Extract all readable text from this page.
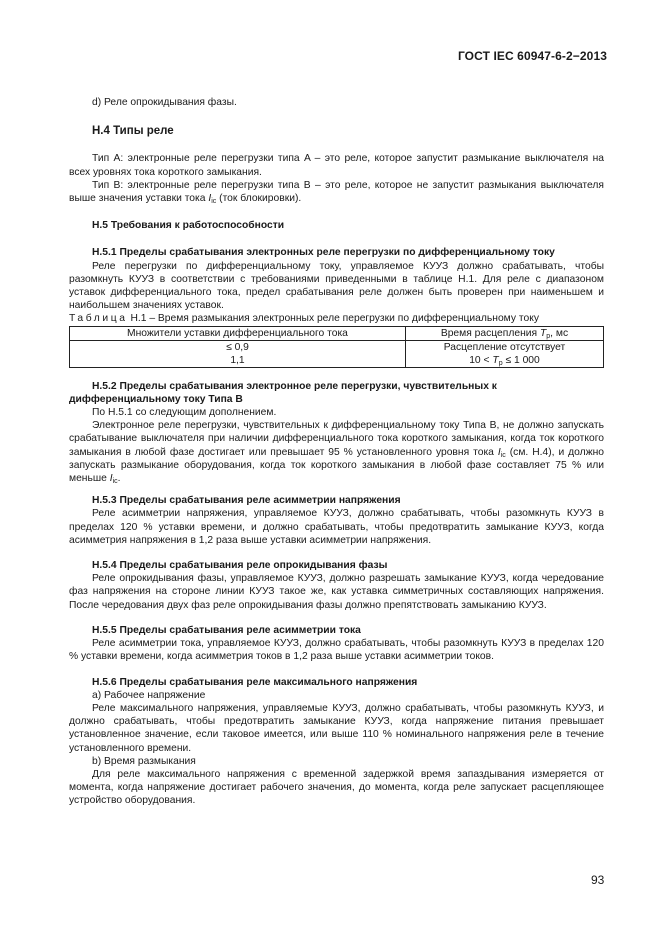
ГОСТ IEC 60947-6-2−2013

d) Реле опрокидывания фазы.

H.4 Типы реле

Тип A: электронные реле перегрузки типа A – это реле, которое запустит размыкание выключателя на всех уровнях тока короткого замыкания.

Тип B: электронные реле перегрузки типа B – это реле, которое не запустит размыкания выключателя выше значения уставки тока $I_{ic}$ (ток блокировки).

H.5 Требования к работоспособности
H.5.1 Пределы срабатывания электронных реле перегрузки по дифференциальному току

Реле перегрузки по дифференциальному току, управляемое КУУЗ должно срабатывать, чтобы разомкнуть КУУЗ в соответствии с требованиями приведенными в таблице H.1. Для реле с диапазоном уставок дифференциального тока, предел срабатывания реле должен быть проверен при наименьшем и наибольшем значениях уставок.

Таблица H.1 – Время размыкания электронных реле перегрузки по дифференциальному току

Множители уставки дифференциального тока	Время расцепления $T_p$, мс
≤ 0,9	Расцепление отсутствует
1,1	$10 < T_p \le 1$ 000
H.5.2 Пределы срабатывания электронное реле перегрузки, чувствительных к дифференциальному току Типа B

По H.5.1 со следующим дополнением.

Электронное реле перегрузки, чувствительных к дифференциальному току Типа B, не должно запускать срабатывание выключателя при наличии дифференциального тока короткого замыкания, когда ток короткого замыкания в любой фазе достигает или превышает 95 % установленного уровня тока $I_{ic}$ (см. H.4), и должно запускать размыкание оборудования, когда ток короткого замыкания в любой фазе составляет 75 % или меньше $I_{ic}$.

H.5.3 Пределы срабатывания реле асимметрии напряжения

Реле асимметрии напряжения, управляемое КУУЗ, должно срабатывать, чтобы разомкнуть КУУЗ в пределах 120 % уставки времени, и должно срабатывать, чтобы предотвратить замыкание КУУЗ, когда асимметрия напряжения в 1,2 раза выше уставки асимметрии напряжения.

H.5.4 Пределы срабатывания реле опрокидывания фазы

Реле опрокидывания фазы, управляемое КУУЗ, должно разрешать замыкание КУУЗ, когда чередование фаз напряжения на стороне линии КУУЗ такое же, как уставка симметричных составляющих напряжения. После чередования двух фаз реле опрокидывания фазы должно препятствовать замыканию КУУЗ.

H.5.5 Пределы срабатывания реле асимметрии тока

Реле асимметрии тока, управляемое КУУЗ, должно срабатывать, чтобы разомкнуть КУУЗ в пределах 120 % уставки времени, когда асимметрия токов в 1,2 раза выше уставки асимметрии токов.

H.5.6 Пределы срабатывания реле максимального напряжения

a) Рабочее напряжение

Реле максимального напряжения, управляемые КУУЗ, должно срабатывать, чтобы разомкнуть КУУЗ, и должно срабатывать, чтобы предотвратить замыкание КУУЗ, когда напряжение питания превышает установленное значение, если таковое имеется, или выше 110 % номинального напряжения реле в течение установленного времени.

b) Время размыкания

Для реле максимального напряжения с временной задержкой время запаздывания измеряется от момента, когда напряжение достигает рабочего значения, до момента, когда реле запускает расцепляющее устройство оборудования.

93
